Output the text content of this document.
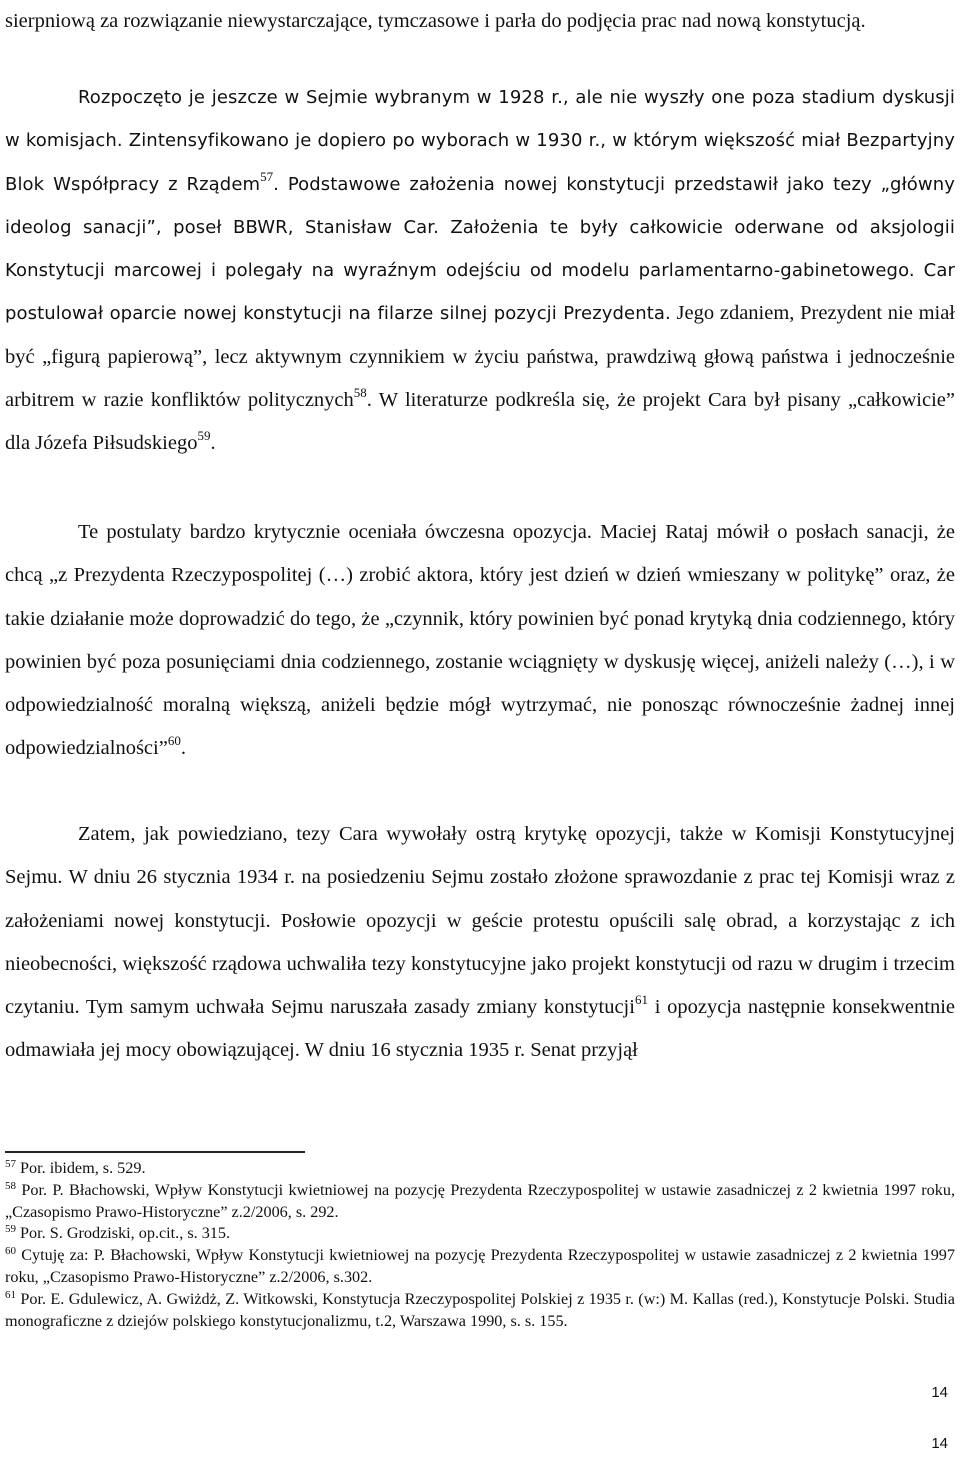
sierpniową za rozwiązanie niewystarczające, tymczasowe i parła do podjęcia prac nad nową konstytucją.

Rozpoczęto je jeszcze w Sejmie wybranym w 1928 r., ale nie wyszły one poza stadium dyskusji w komisjach. Zintensyfikowano je dopiero po wyborach w 1930 r., w którym większość miał Bezpartyjny Blok Współpracy z Rządem$^{57}$. Podstawowe założenia nowej konstytucji przedstawił jako tezy „główny ideolog sanacji”, poseł BBWR, Stanisław Car. Założenia te były całkowicie oderwane od aksjologii Konstytucji marcowej i polegały na wyraźnym odejściu od modelu parlamentarno-gabinetowego. Car postulował oparcie nowej konstytucji na filarze silnej pozycji Prezydenta. Jego zdaniem, Prezydent nie miał być „figurą papierową”, lecz aktywnym czynnikiem w życiu państwa, prawdziwą głową państwa i jednocześnie arbitrem w razie konfliktów politycznych$^{58}$. W literaturze podkreśla się, że projekt Cara był pisany „całkowicie” dla Józefa Piłsudskiego$^{59}$.

Te postulaty bardzo krytycznie oceniała ówczesna opozycja. Maciej Rataj mówił o posłach sanacji, że chcą „z Prezydenta Rzeczypospolitej (…) zrobić aktora, który jest dzień w dzień wmieszany w politykę” oraz, że takie działanie może doprowadzić do tego, że „czynnik, który powinien być ponad krytyką dnia codziennego, który powinien być poza posunięciami dnia codziennego, zostanie wciągnięty w dyskusję więcej, aniżeli należy (…), i w odpowiedzialność moralną większą, aniżeli będzie mógł wytrzymać, nie ponosząc równocześnie żadnej innej odpowiedzialności”$^{60}$.

Zatem, jak powiedziano, tezy Cara wywołały ostrą krytykę opozycji, także w Komisji Konstytucyjnej Sejmu. W dniu 26 stycznia 1934 r. na posiedzeniu Sejmu zostało złożone sprawozdanie z prac tej Komisji wraz z założeniami nowej konstytucji. Posłowie opozycji w geście protestu opuścili salę obrad, a korzystając z ich nieobecności, większość rządowa uchwaliła tezy konstytucyjne jako projekt konstytucji od razu w drugim i trzecim czytaniu. Tym samym uchwała Sejmu naruszała zasady zmiany konstytucji$^{61}$ i opozycja następnie konsekwentnie odmawiała jej mocy obowiązującej. W dniu 16 stycznia 1935 r. Senat przyjął

$^{57}$ Por. ibidem, s. 529.

$^{58}$ Por. P. Błachowski, Wpływ Konstytucji kwietniowej na pozycję Prezydenta Rzeczypospolitej w ustawie zasadniczej z 2 kwietnia 1997 roku, „Czasopismo Prawo-Historyczne” z.2/2006, s. 292.

$^{59}$ Por. S. Grodziski, op.cit., s. 315.

$^{60}$ Cytuję za: P. Błachowski, Wpływ Konstytucji kwietniowej na pozycję Prezydenta Rzeczypospolitej w ustawie zasadniczej z 2 kwietnia 1997 roku, „Czasopismo Prawo-Historyczne” z.2/2006, s.302.

$^{61}$ Por. E. Gdulewicz, A. Gwiżdż, Z. Witkowski, Konstytucja Rzeczypospolitej Polskiej z 1935 r. (w:) M. Kallas (red.), Konstytucje Polski. Studia monograficzne z dziejów polskiego konstytucjonalizmu, t.2, Warszawa 1990, s. s. 155.

14
14
